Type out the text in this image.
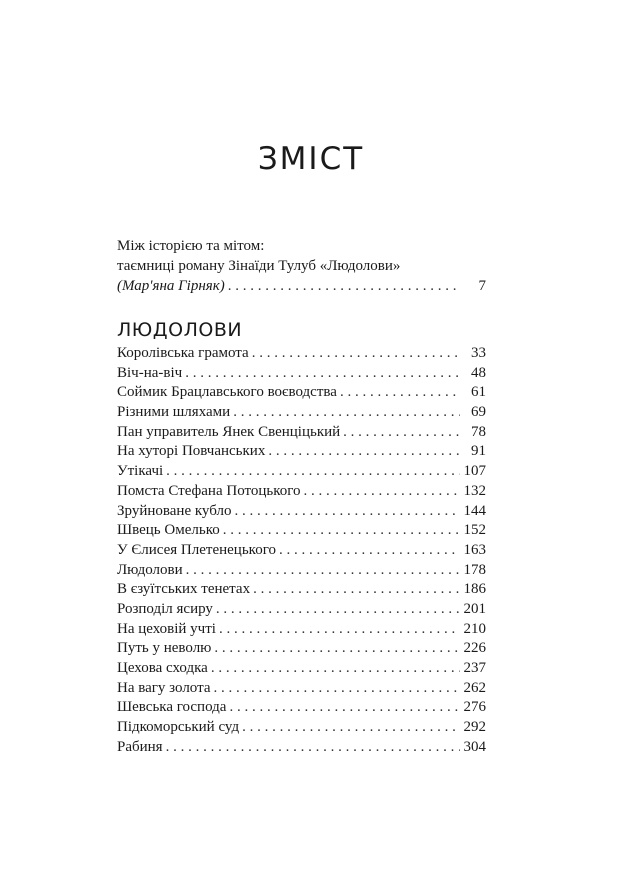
ЗМІСТ
Між історією та мітом:
таємниці роману Зінаїди Тулуб «Людолови»
(Мар'яна Гірняк) . . .	7
ЛЮДОЛОВИ
Королівська грамота . . .	33
Віч-на-віч . . .	48
Соймик Брацлавського воєводства . . .	61
Різними шляхами . . .	69
Пан управитель Янек Свенціцький . . .	78
На хуторі Повчанських . . .	91
Утікачі . . .	107
Помста Стефана Потоцького . . .	132
Зруйноване кубло . . .	144
Швець Омелько . . .	152
У Єлисея Плетенецького . . .	163
Людолови . . .	178
В єзуїтських тенетах . . .	186
Розподіл ясиру . . .	201
На цеховій учті . . .	210
Путь у неволю . . .	226
Цехова сходка . . .	237
На вагу золота . . .	262
Шевська господа . . .	276
Підкоморський суд . . .	292
Рабиня . . .	304
